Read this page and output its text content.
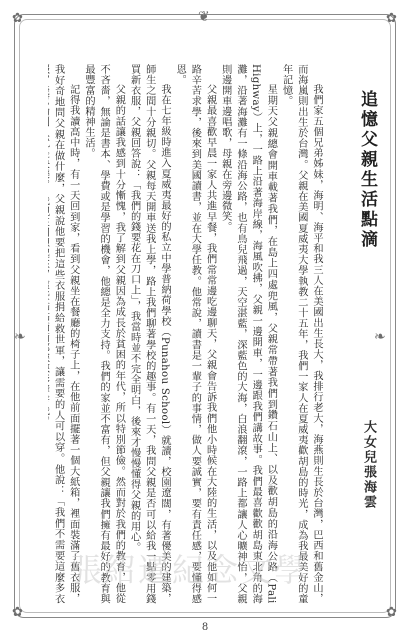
✿	✿
✿	✿
❦
❧
❧
追憶父親生活點滴

我們家五個兄弟姊妹，海明、海平和我三人在美國出生長大，我排行老大，海燕則生長於台灣，巴西和舊金山，而海嵐則出生於台灣。父親在美國夏威夷大學執教二十五年，我們一家人在夏威夷歡胡島的時光，成為我最美好的童年記憶。

星期天父親總會開車載著我們，在島上四處兜風，父親常帶著我們到鑽石山上、以及歡胡島的沿海公路（Pali Highway）上，一路上沿著海岸線，海風吹拂，父親一邊開車，一邊跟我們講故事。我們最喜歡歡胡島東北角的海灘，沿著海灘有一條沿海公路，也有鳥兒飛過，天空湛藍，深藍色的大海，白浪翻滾，一路上都讓人心曠神怡，父親則邊開車邊唱歌，母親在旁邊微笑。

父親最喜歡早晨一家人共進早餐，我們常常邊吃邊聊天，父親會告訴我們他小時候在大陸的生活，以及他如何一路辛苦求學，後來到美國讀書，並在大學任教。他常說，讀書是一輩子的事情，做人要誠實，要有責任感，要懂得感恩。

我在七年級時進入夏威夷最好的私立中學普納荷學校（Punahou School）就讀，校園遼闊，有著優美的建築，師生之間十分親切。父親每天開車送我上學，路上我們聊著學校的趣事。有一天，我問父親是否可以給我一點零用錢買新衣服，父親回答說：「我們的錢要花在刀口上」，我當時並不完全明白，後來才慢慢懂得父親的用心。

父親的話讓我感到十分慚愧，我了解到父親因為成長於貧困的年代，所以特別節儉。然而對於我們的教育，他從不吝嗇，無論是書本、學費或是學習的機會，他總是全力支持。我們的家並不富有，但父親讓我們擁有最好的教育與最豐富的精神生活。

記得我讀高中時，有一天回到家，看到父親坐在餐廳的椅子上，在他前面擺著一個大紙箱，裡面裝滿了舊衣服，我好奇地問父親在做什麼，父親說他要把這些衣服捐給救世軍，讓需要的人可以穿。他說：「我們不需要這麼多衣

大女兒張海雲
張紹遷紀念文學
8
